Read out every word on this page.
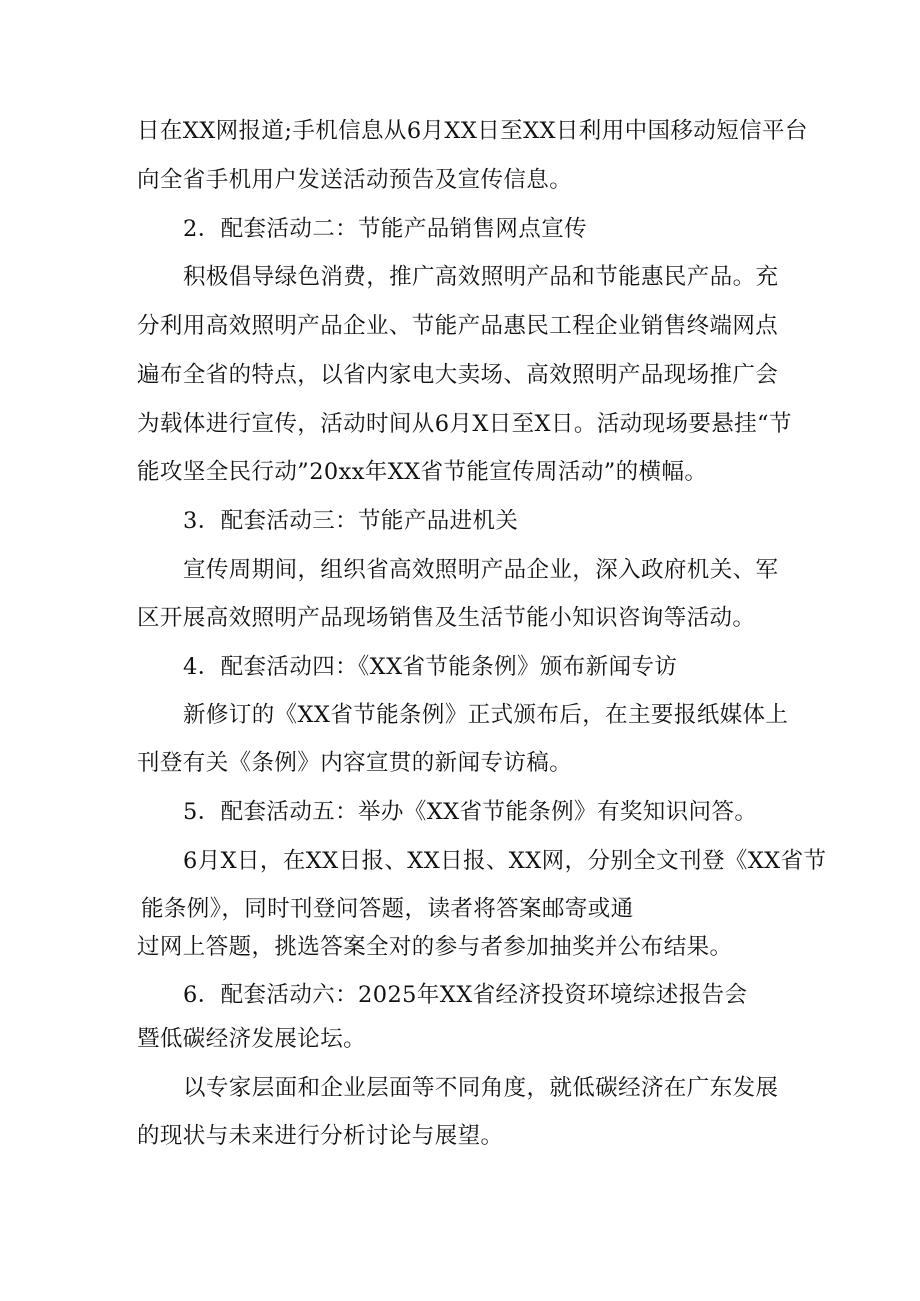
日在XX网报道;手机信息从6月XX日至XX日利用中国移动短信平台
向全省手机用户发送活动预告及宣传信息。
2．配套活动二：节能产品销售网点宣传
积极倡导绿色消费，推广高效照明产品和节能惠民产品。充
分利用高效照明产品企业、节能产品惠民工程企业销售终端网点
遍布全省的特点，以省内家电大卖场、高效照明产品现场推广会
为载体进行宣传，活动时间从6月X日至X日。活动现场要悬挂“节
能攻坚全民行动”20xx年XX省节能宣传周活动”的横幅。
3．配套活动三：节能产品进机关
宣传周期间，组织省高效照明产品企业，深入政府机关、军
区开展高效照明产品现场销售及生活节能小知识咨询等活动。
4．配套活动四：《XX省节能条例》颁布新闻专访
新修订的《XX省节能条例》正式颁布后，在主要报纸媒体上
刊登有关《条例》内容宣贯的新闻专访稿。
5．配套活动五：举办《XX省节能条例》有奖知识问答。
6月X日，在XX日报、XX日报、XX网，分别全文刊登《XX省节
能条例》，同时刊登问答题，读者将答案邮寄或通
过网上答题，挑选答案全对的参与者参加抽奖并公布结果。
6．配套活动六：2025年XX省经济投资环境综述报告会
暨低碳经济发展论坛。
以专家层面和企业层面等不同角度，就低碳经济在广东发展
的现状与未来进行分析讨论与展望。
